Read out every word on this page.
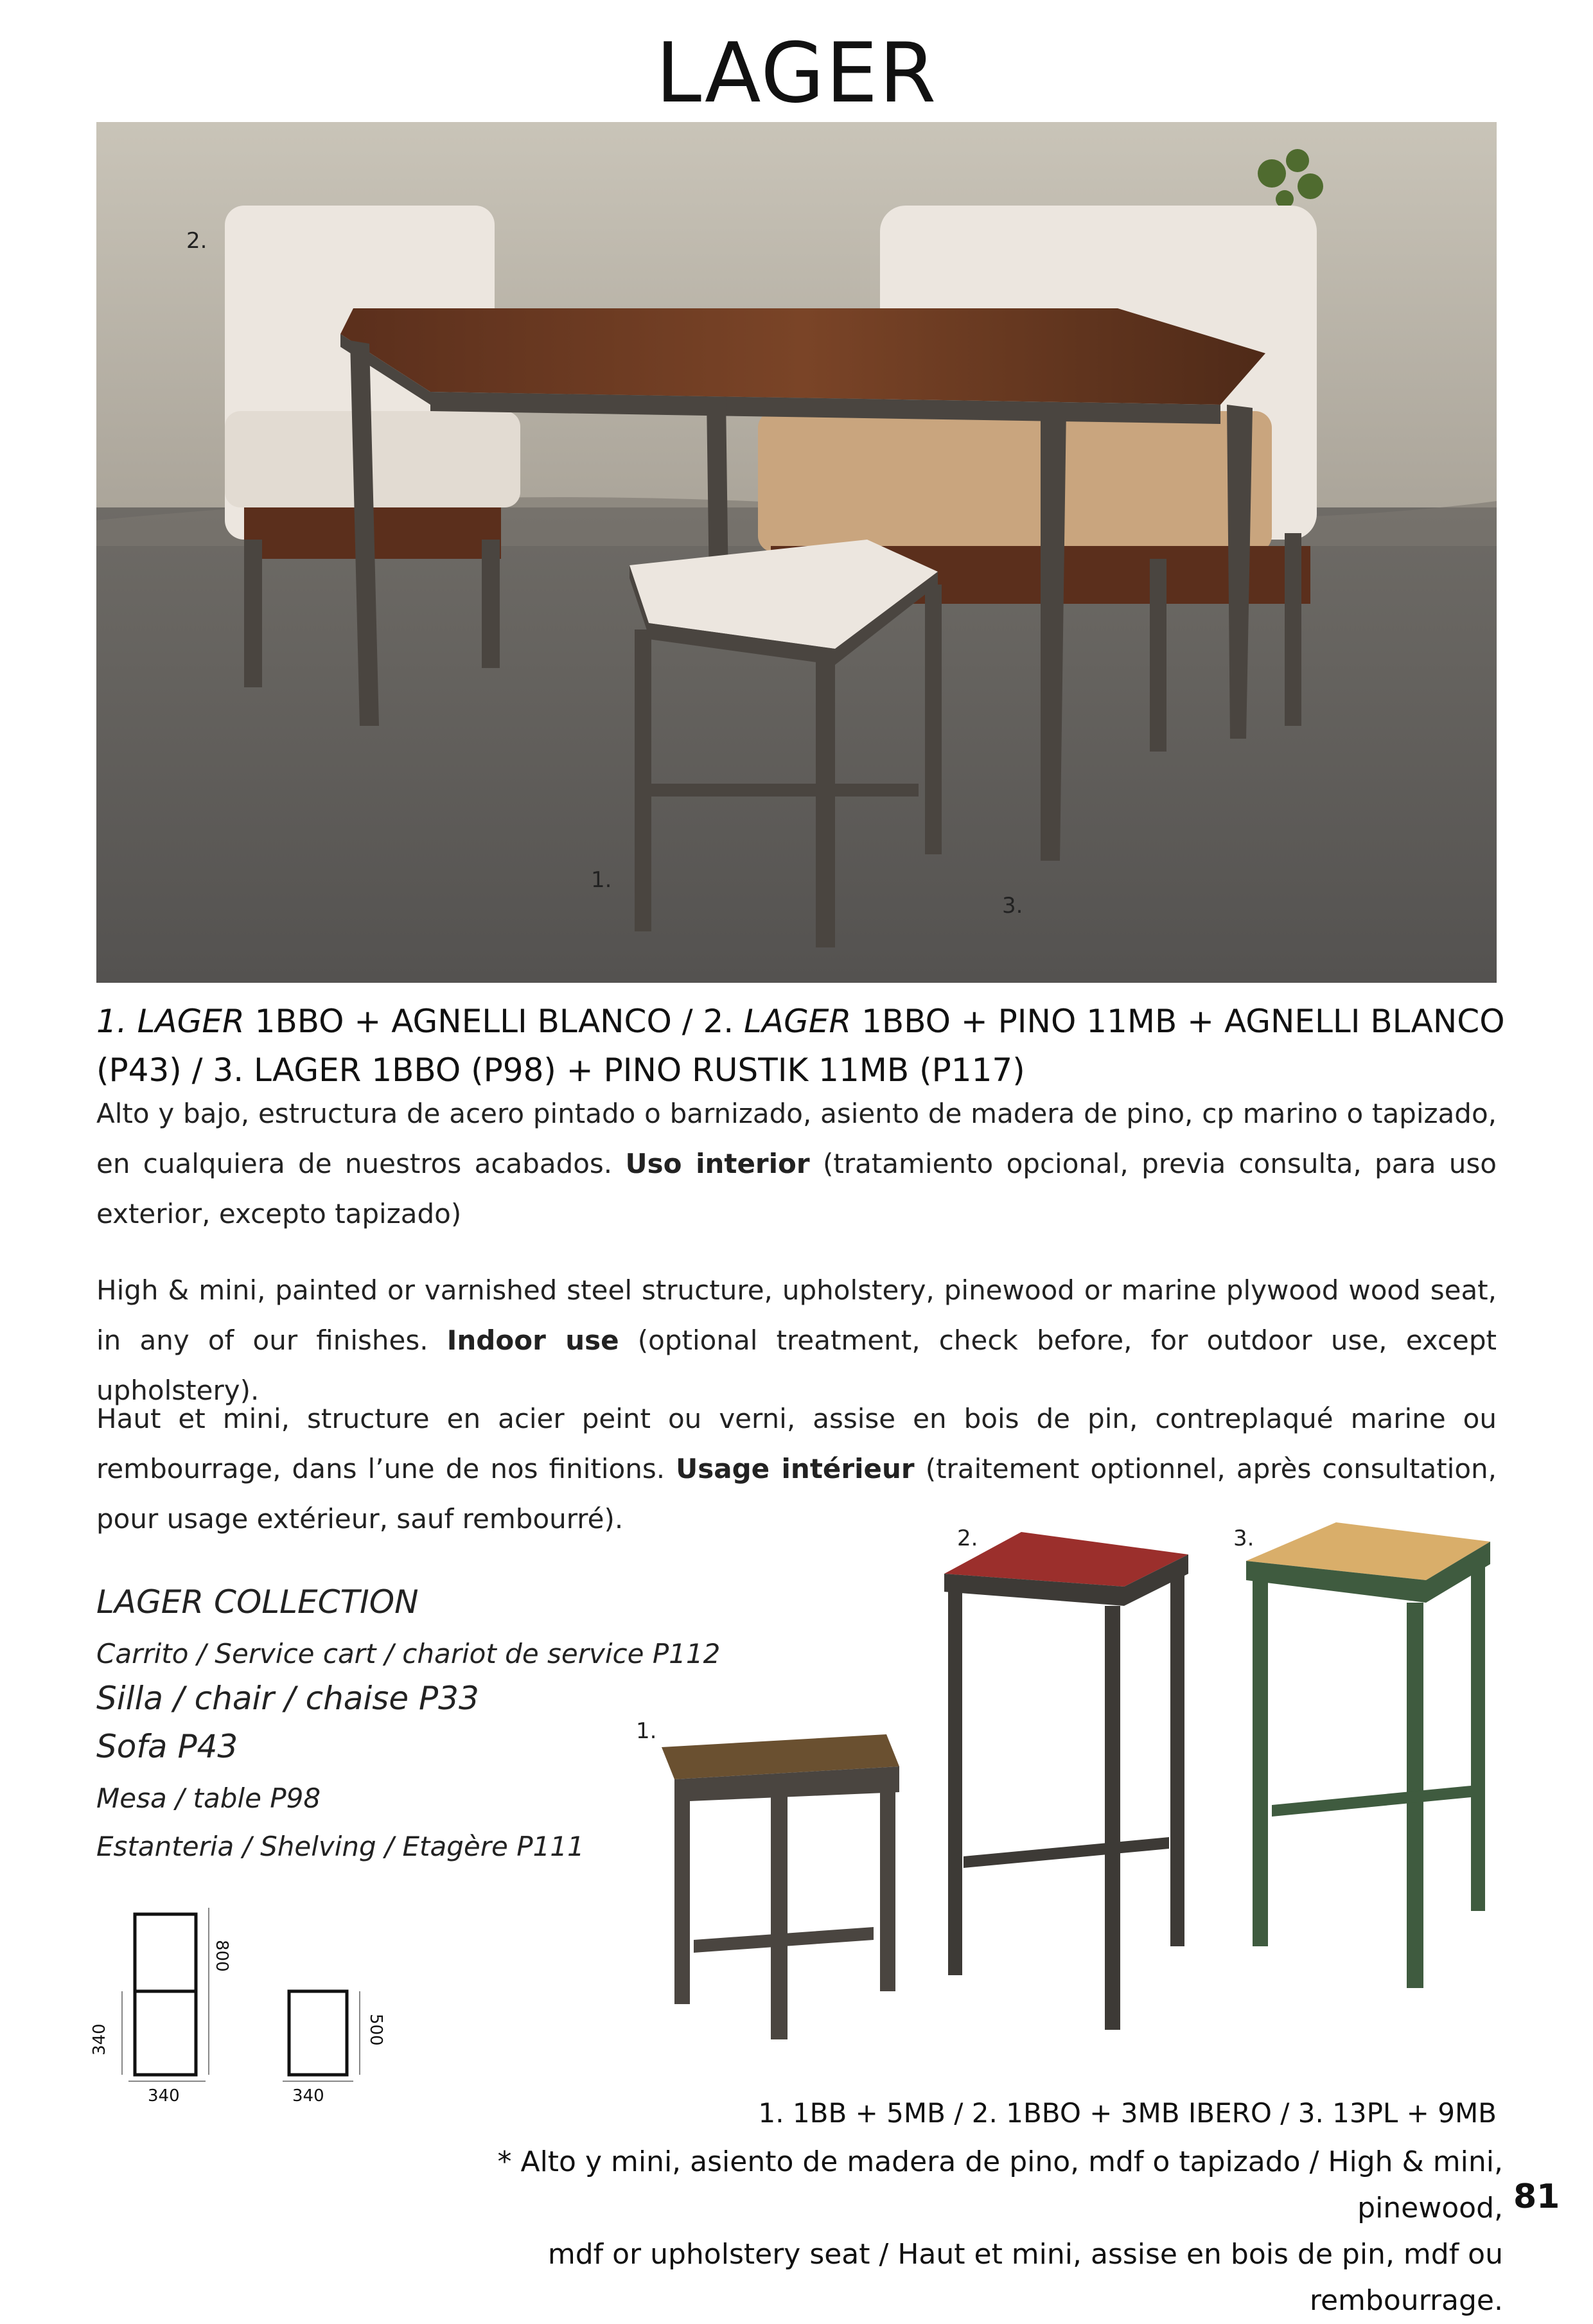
LAGER
2.
1.
3.
1. LAGER 1BBO + AGNELLI BLANCO / 2. LAGER 1BBO + PINO 11MB + AGNELLI BLANCO
(P43) / 3. LAGER 1BBO (P98) + PINO RUSTIK 11MB (P117)
Alto y bajo, estructura de acero pintado o barnizado, asiento de madera de pino, cp marino o tapizado, en cualquiera de nuestros acabados. Uso interior (tratamiento opcional, previa consulta, para uso exterior, excepto tapizado)
High & mini, painted or varnished steel structure, upholstery, pinewood or marine plywood wood seat, in any of our finishes. Indoor use (optional treatment, check before, for outdoor use, except upholstery).
Haut et mini, structure en acier peint ou verni, assise en bois de pin, contreplaqué marine ou rembourrage, dans l’une de nos finitions. Usage intérieur (traitement optionnel, après consultation, pour usage extérieur, sauf rembourré).
LAGER COLLECTION
Carrito / Service cart / chariot de service P112
Silla / chair / chaise P33
Sofa P43
Mesa / table P98
Estanteria / Shelving / Etagère P111
1.
2.	3.
340
800
340
340
500
1. 1BB + 5MB / 2. 1BBO + 3MB IBERO / 3. 13PL + 9MB
* Alto y mini, asiento de madera de pino, mdf o tapizado / High & mini, pinewood,
mdf or upholstery seat / Haut et mini, assise en bois de pin, mdf ou rembourrage.
81
